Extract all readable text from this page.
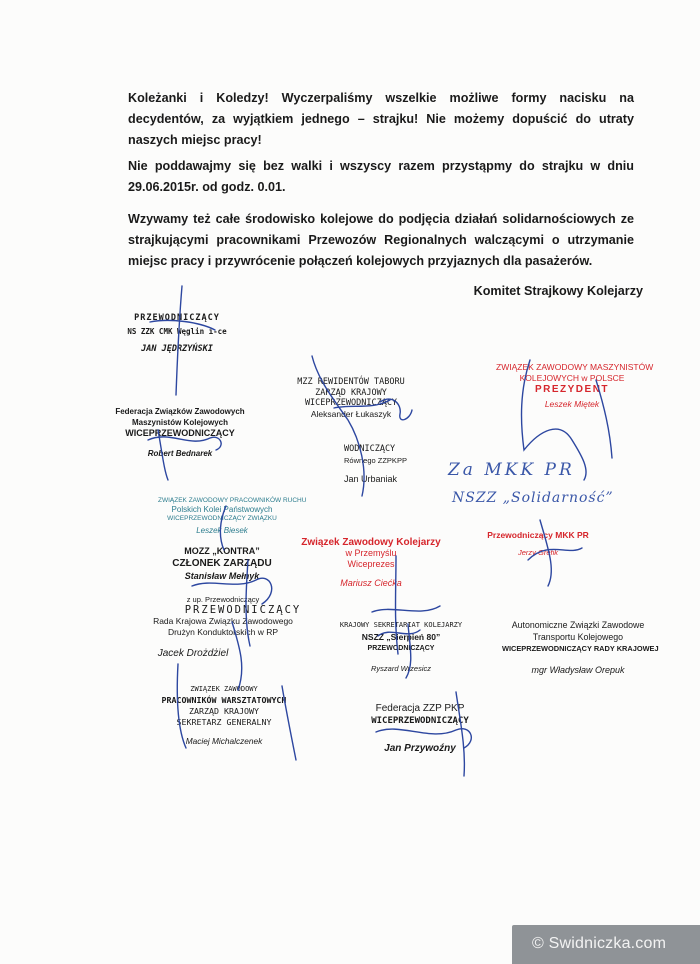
Koleżanki i Koledzy! Wyczerpaliśmy wszelkie możliwe formy nacisku na decydentów, za wyjątkiem jednego – strajku! Nie możemy dopuścić do utraty naszych miejsc pracy!
Nie poddawajmy się bez walki i wszyscy razem przystąpmy do strajku w dniu 29.06.2015r. od godz. 0.01.
Wzywamy też całe środowisko kolejowe do podjęcia działań solidarnościowych ze strajkującymi pracownikami Przewozów Regionalnych walczącymi o utrzymanie miejsc pracy i przywrócenie połączeń kolejowych przyjaznych dla pasażerów.
Komitet Strajkowy Kolejarzy
PRZEWODNICZĄCY
NS ZZK CMK Węglin i-ce
JAN JĘDRZYŃSKI
Federacja Związków Zawodowych
Maszynistów Kolejowych
WICEPRZEWODNICZĄCY
Robert Bednarek
MZZ REWIDENTÓW TABORU
ZARZĄD KRAJOWY
WICEPRZEWODNICZĄCY
Aleksander Łukaszyk
WODNICZĄCY
Równego ZZPKPP
Jan Urbaniak
ZWIĄZEK ZAWODOWY MASZYNISTÓW
KOLEJOWYCH w POLSCE
PREZYDENT
Leszek Miętek
Za MKK PR
NSZZ „Solidarność”
ZWIĄZEK ZAWODOWY PRACOWNIKÓW RUCHU
Polskich Kolei Państwowych
WICEPRZEWODNICZĄCY ZWIĄZKU
Leszek Biesek
MOZZ „KONTRA”
CZŁONEK ZARZĄDU
Stanisław Mełnyk
Związek Zawodowy Kolejarzy
w Przemyślu
Wiceprezes
Mariusz Ciećka
Przewodniczący MKK PR
Jerzy Grefik
z up. Przewodniczący
PRZEWODNICZĄCY
Rada Krajowa Związku Zawodowego
Drużyn Konduktorskich w RP
Jacek Drożdżiel
KRAJOWY SEKRETARIAT KOLEJARZY
NSZZ „Sierpień 80”
PRZEWODNICZĄCY
Ryszard Wrzesicz
Autonomiczne Związki Zawodowe
Transportu Kolejowego
WICEPRZEWODNICZĄCY RADY KRAJOWEJ
mgr Władysław Orepuk
ZWIĄZEK ZAWODOWY
PRACOWNIKÓW WARSZTATOWYCH
ZARZĄD KRAJOWY
SEKRETARZ GENERALNY
Maciej Michalczenek
Federacja ZZP PKP
WICEPRZEWODNICZĄCY
Jan Przywoźny
© Swidniczka.com
